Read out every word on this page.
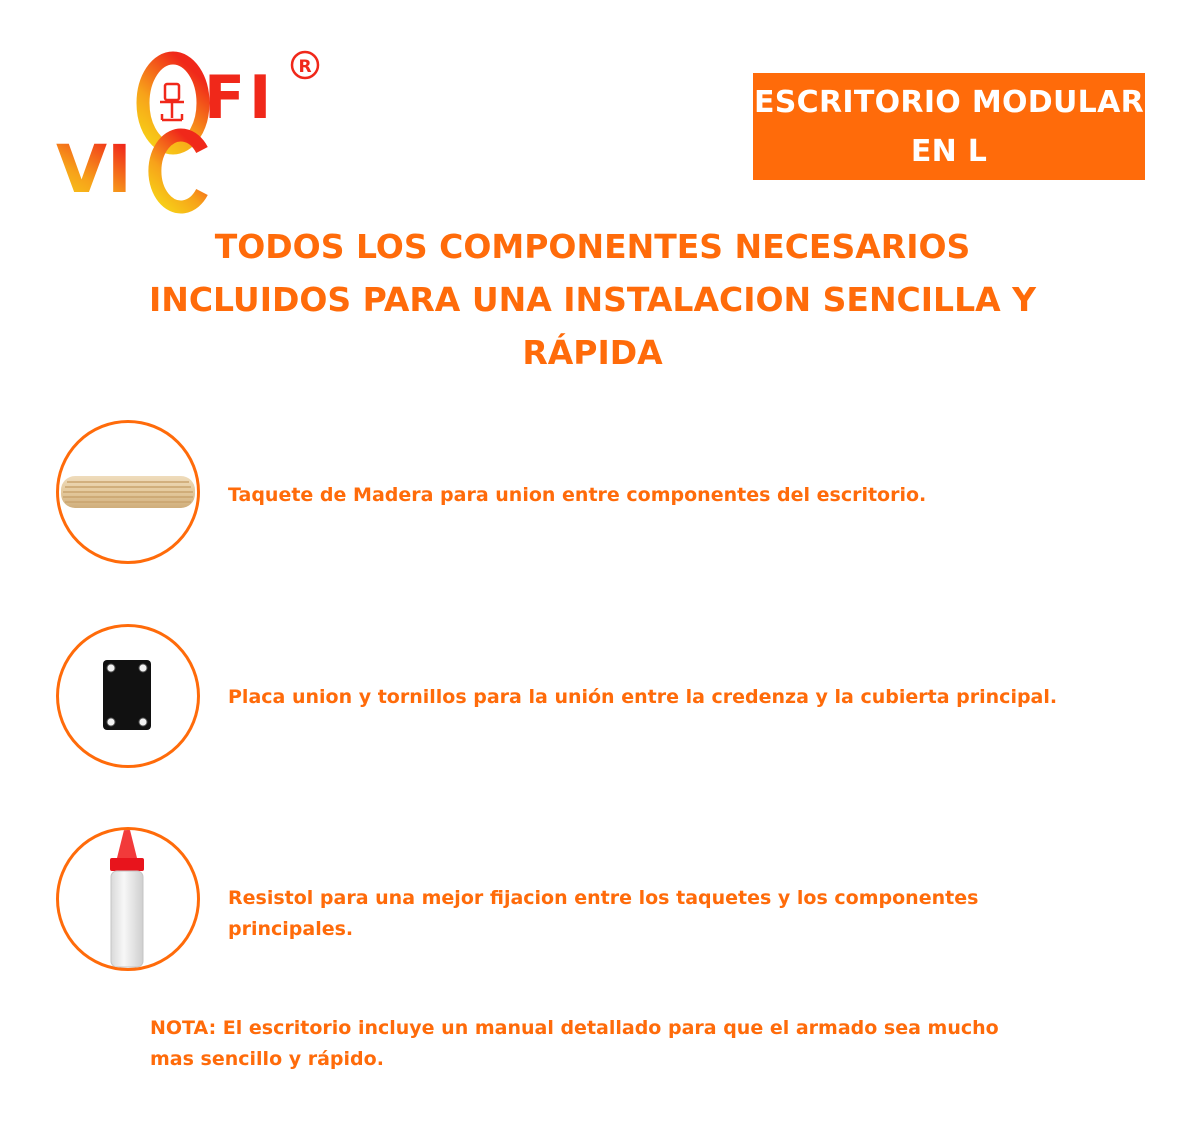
FI R
VI
ESCRITORIO MODULAR EN L
TODOS LOS COMPONENTES NECESARIOS INCLUIDOS PARA UNA INSTALACION SENCILLA Y RÁPIDA
Taquete de Madera para union entre componentes del escritorio.
Placa union y tornillos para la unión entre la credenza y la cubierta principal.
Resistol para una mejor fijacion entre los taquetes y los componentes principales.
NOTA: El escritorio incluye un manual detallado para que el armado sea mucho mas sencillo y rápido.
